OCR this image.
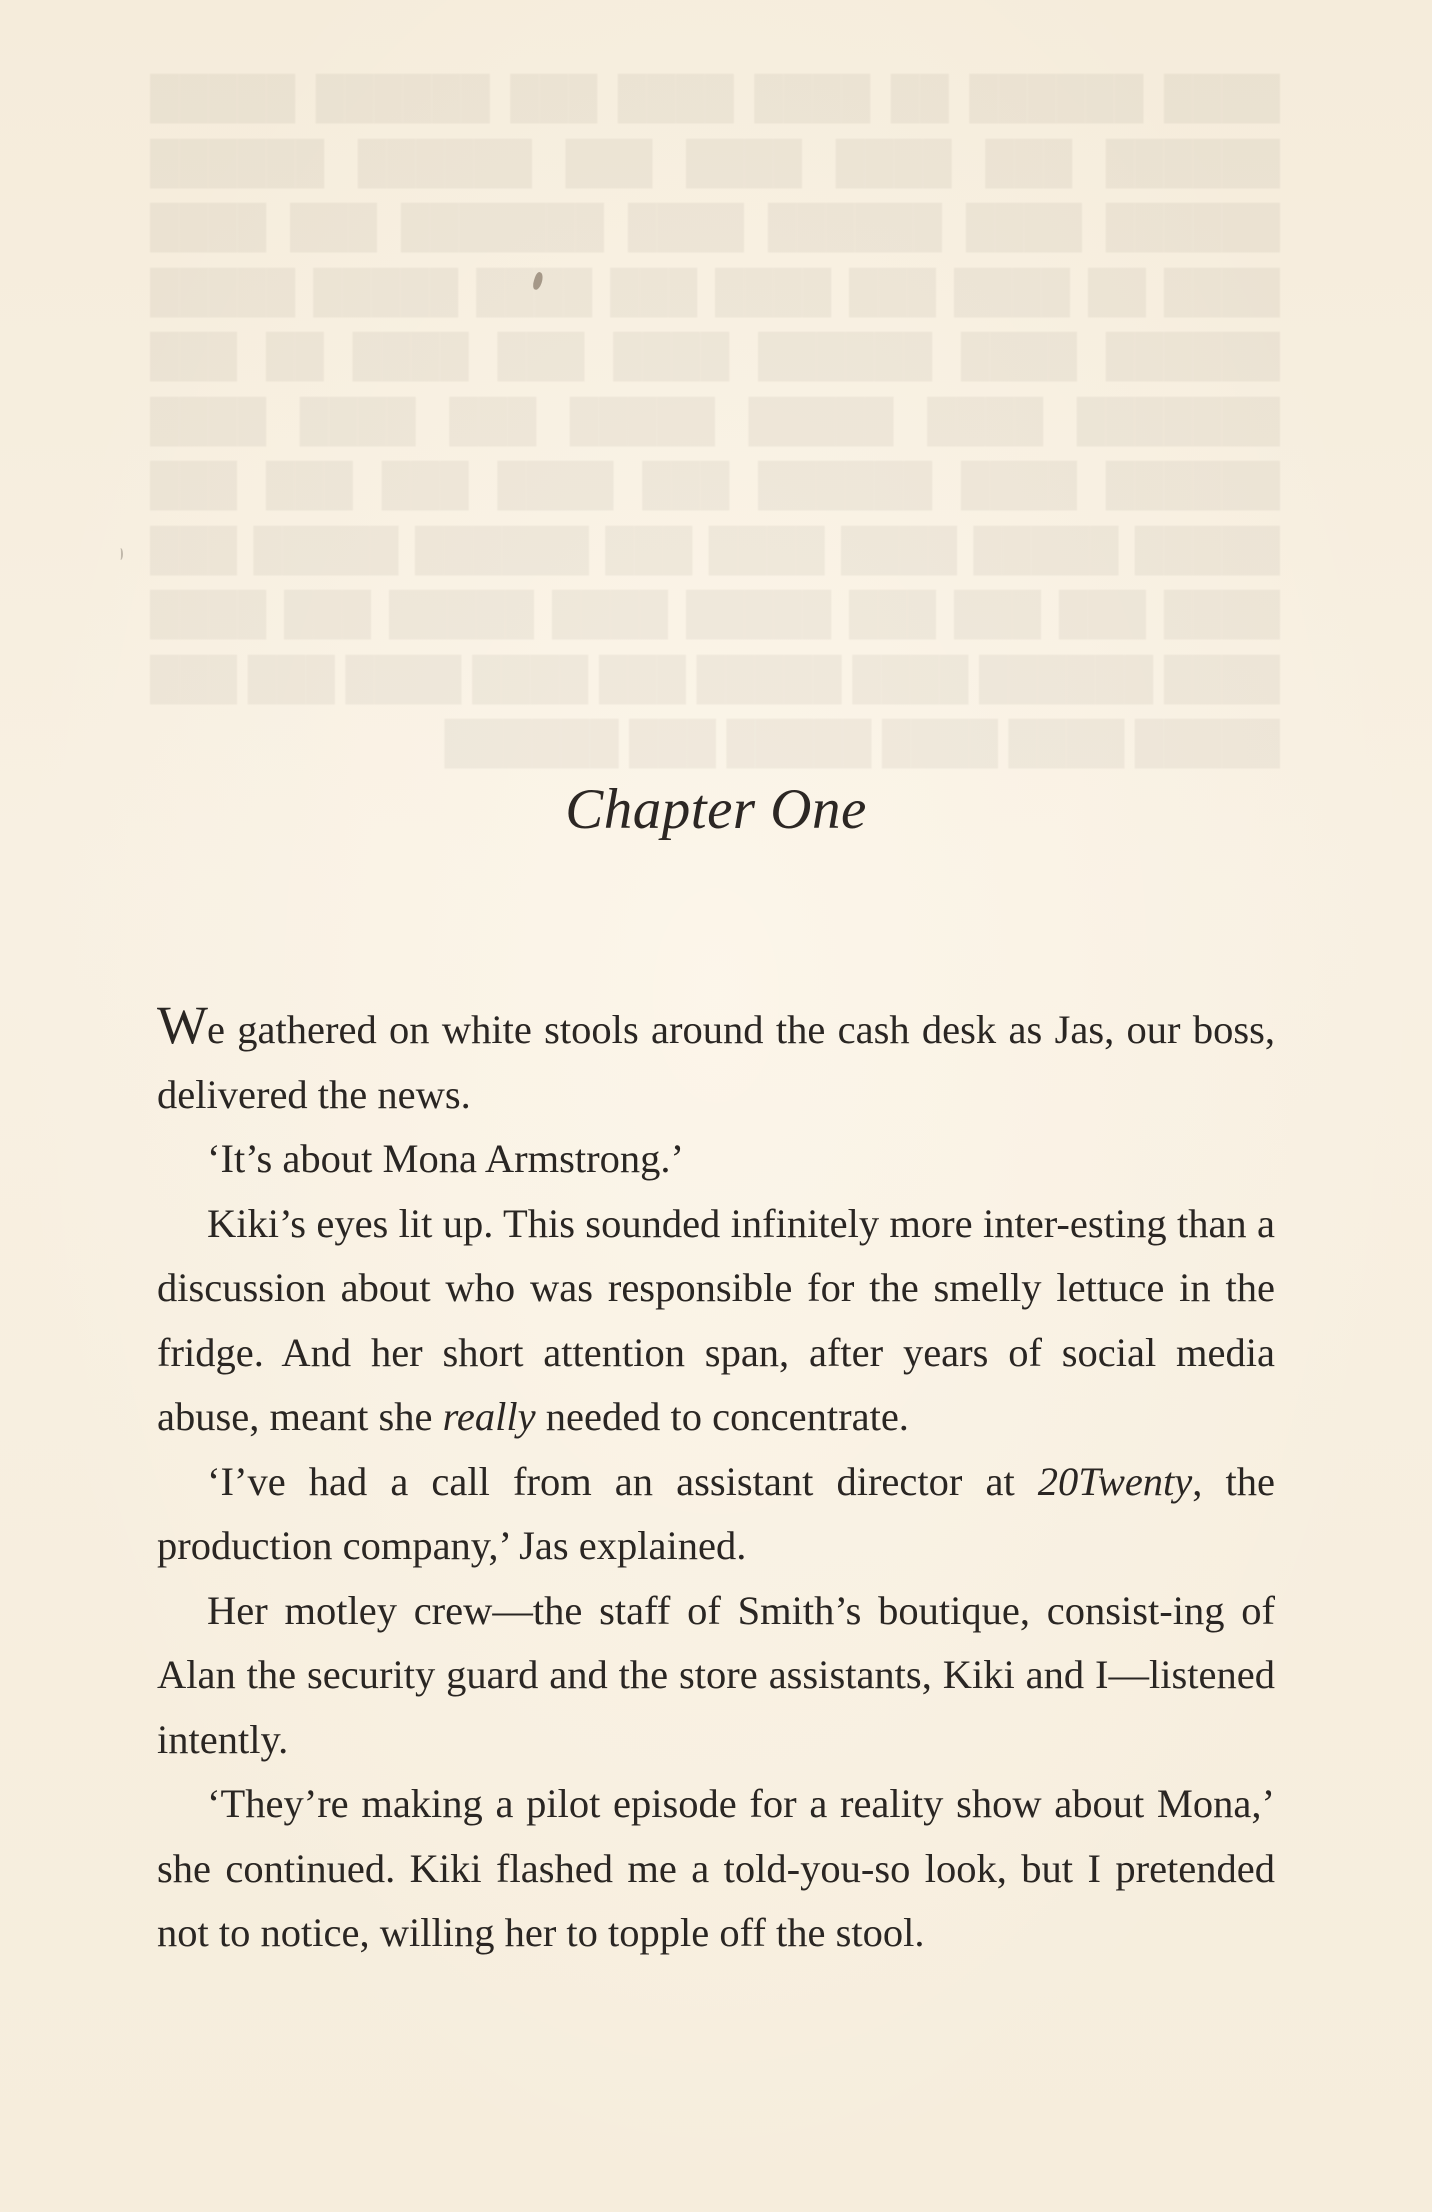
████ ██████ ██ ████ ████ ███ ██████ █████ ██████ ███ ████ ████ ███ ██████ ██████ ██████ ████ ██████ ████ ███████ ███ ████ ████ ██ ████ ███ ████ ███ ████ █████ █████ ██████ ████ ██████ ████ ███ ████ ██ ███ ███████ ████ █████ █████ ███ ████ ████ ██████ ████ ██████ ███ ████ ███ ███ ███ █████ █████ ████ ████ ███ ██████ █████ ███ ████ ███ ███ ███ █████ ████ █████ ███ ████ ████ ██████ ████ █████ ███ ████ ████ ███ ███ █████ ████ ████ █████ ███ ██████
Chapter One

We gathered on white stools around the cash desk as Jas, our boss, delivered the news.

‘It’s about Mona Armstrong.’

Kiki’s eyes lit up. This sounded infinitely more inter-esting than a discussion about who was responsible for the smelly lettuce in the fridge. And her short attention span, after years of social media abuse, meant she really needed to concentrate.

‘I’ve had a call from an assistant director at 20Twenty, the production company,’ Jas explained.

Her motley crew—the staff of Smith’s boutique, consist-ing of Alan the security guard and the store assistants, Kiki and I—listened intently.

‘They’re making a pilot episode for a reality show about Mona,’ she continued. Kiki flashed me a told-you-so look, but I pretended not to notice, willing her to topple off the stool.
